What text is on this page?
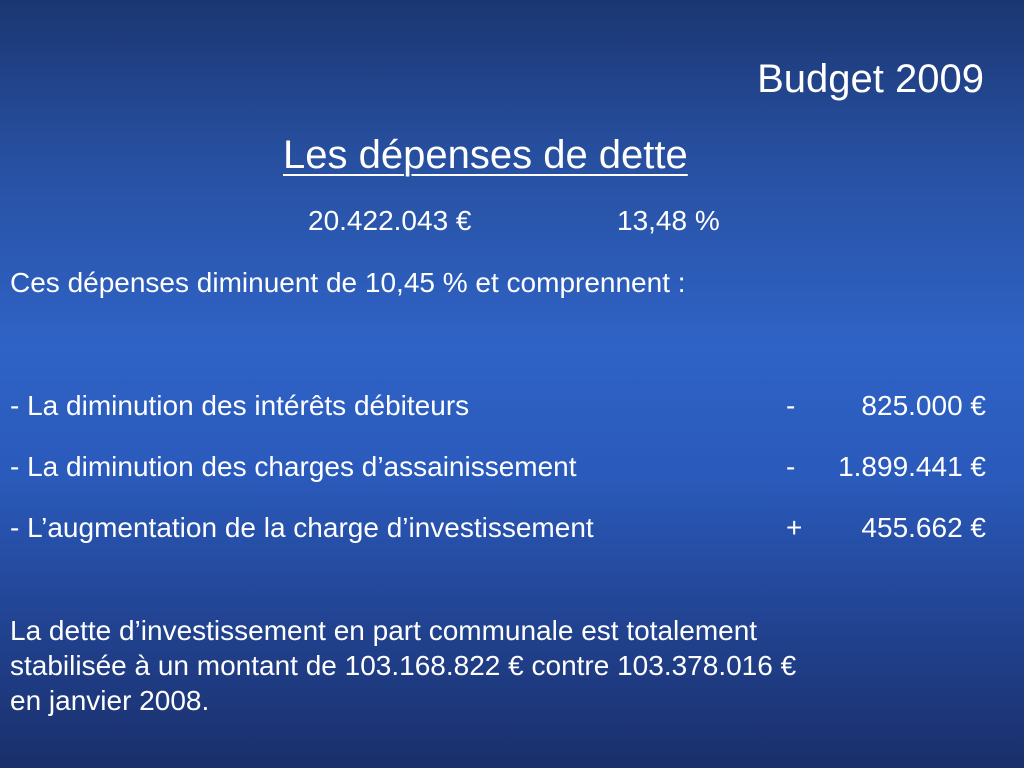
Budget 2009
Les dépenses de dette
20.422.043 €	13,48 %
Ces dépenses diminuent de 10,45 % et comprennent :
- La diminution des intérêts débiteurs	- 825.000 €
- La diminution des charges d’assainissement	- 1.899.441 €
- L’augmentation de la charge d’investissement	+ 455.662 €
La dette d’investissement en part communale est totalement
stabilisée à un montant de 103.168.822 € contre 103.378.016 €
en janvier 2008.
